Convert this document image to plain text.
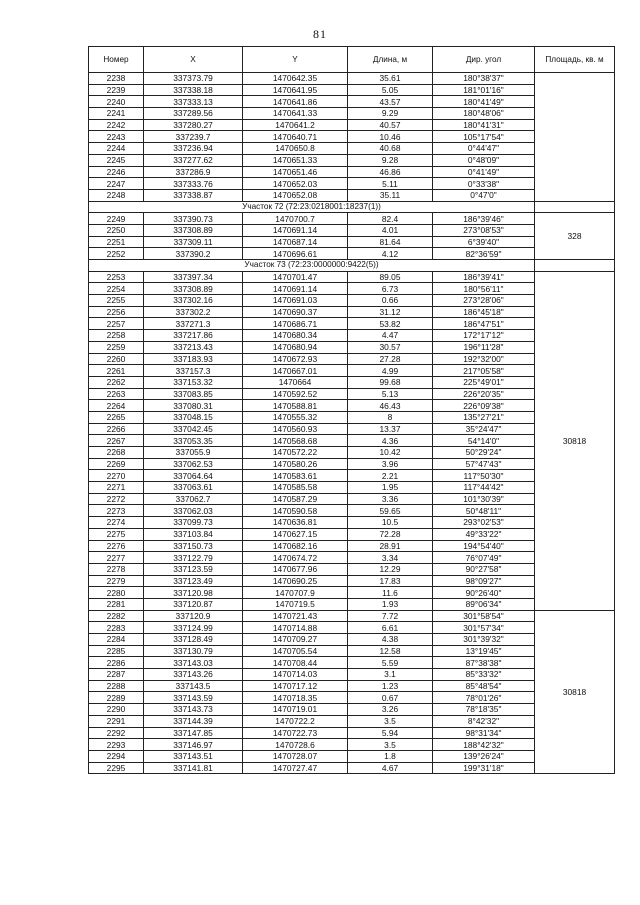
81
Номер	X	Y	Длина, м	Дир. угол	Площадь, кв. м
2238	337373.79	1470642.35	35.61	180°38'37"	
2239	337338.18	1470641.95	5.05	181°01'16"	
2240	337333.13	1470641.86	43.57	180°41'49"	
2241	337289.56	1470641.33	9.29	180°48'06"	
2242	337280.27	1470641.2	40.57	180°41'31"	
2243	337239.7	1470640.71	10.46	105°17'54"	
2244	337236.94	1470650.8	40.68	0°44'47"	
2245	337277.62	1470651.33	9.28	0°48'09"	
2246	337286.9	1470651.46	46.86	0°41'49"	
2247	337333.76	1470652.03	5.11	0°33'38"	
2248	337338.87	1470652.08	35.11	0°47'0"	
Участок 72 (72:23:0218001:18237(1))					
2249	337390.73	1470700.7	82.4	186°39'46"	328
2250	337308.89	1470691.14	4.01	273°08'53"	
2251	337309.11	1470687.14	81.64	6°39'40"	
2252	337390.2	1470696.61	4.12	82°36'59"	
Участок 73 (72:23:0000000:9422(5))					
2253	337397.34	1470701.47	89.05	186°39'41"	30818
2254	337308.89	1470691.14	6.73	180°56'11"	
2255	337302.16	1470691.03	0.66	273°28'06"	
2256	337302.2	1470690.37	31.12	186°45'18"	
2257	337271.3	1470686.71	53.82	186°47'51"	
2258	337217.86	1470680.34	4.47	172°17'12"	
2259	337213.43	1470680.94	30.57	196°11'28"	
2260	337183.93	1470672.93	27.28	192°32'00"	
2261	337157.3	1470667.01	4.99	217°05'58"	
2262	337153.32	1470664	99.68	225°49'01"	
2263	337083.85	1470592.52	5.13	226°20'35"	
2264	337080.31	1470588.81	46.43	226°09'38"	
2265	337048.15	1470555.32	8	135°27'21"	
2266	337042.45	1470560.93	13.37	35°24'47"	
2267	337053.35	1470568.68	4.36	54°14'0"	
2268	337055.9	1470572.22	10.42	50°29'24"	
2269	337062.53	1470580.26	3.96	57°47'43"	
2270	337064.64	1470583.61	2.21	117°50'30"	
2271	337063.61	1470585.58	1.95	117°44'42"	
2272	337062.7	1470587.29	3.36	101°30'39"	
2273	337062.03	1470590.58	59.65	50°48'11"	
2274	337099.73	1470636.81	10.5	293°02'53"	
2275	337103.84	1470627.15	72.28	49°33'22"	
2276	337150.73	1470682.16	28.91	194°54'40"	
2277	337122.79	1470674.72	3.34	76°07'49"	
2278	337123.59	1470677.96	12.29	90°27'58"	
2279	337123.49	1470690.25	17.83	98°09'27"	
2280	337120.98	1470707.9	11.6	90°26'40"	
2281	337120.87	1470719.5	1.93	89°06'34"	
2282	337120.9	1470721.43	7.72	301°58'54"	30818
2283	337124.99	1470714.88	6.61	301°57'34"	
2284	337128.49	1470709.27	4.38	301°39'32"	
2285	337130.79	1470705.54	12.58	13°19'45"	
2286	337143.03	1470708.44	5.59	87°38'38"	
2287	337143.26	1470714.03	3.1	85°33'32"	
2288	337143.5	1470717.12	1.23	85°48'54"	
2289	337143.59	1470718.35	0.67	78°01'26"	
2290	337143.73	1470719.01	3.26	78°18'35"	
2291	337144.39	1470722.2	3.5	8°42'32"	
2292	337147.85	1470722.73	5.94	98°31'34"	
2293	337146.97	1470728.6	3.5	188°42'32"	
2294	337143.51	1470728.07	1.8	139°26'24"	
2295	337141.81	1470727.47	4.67	199°31'18"	
